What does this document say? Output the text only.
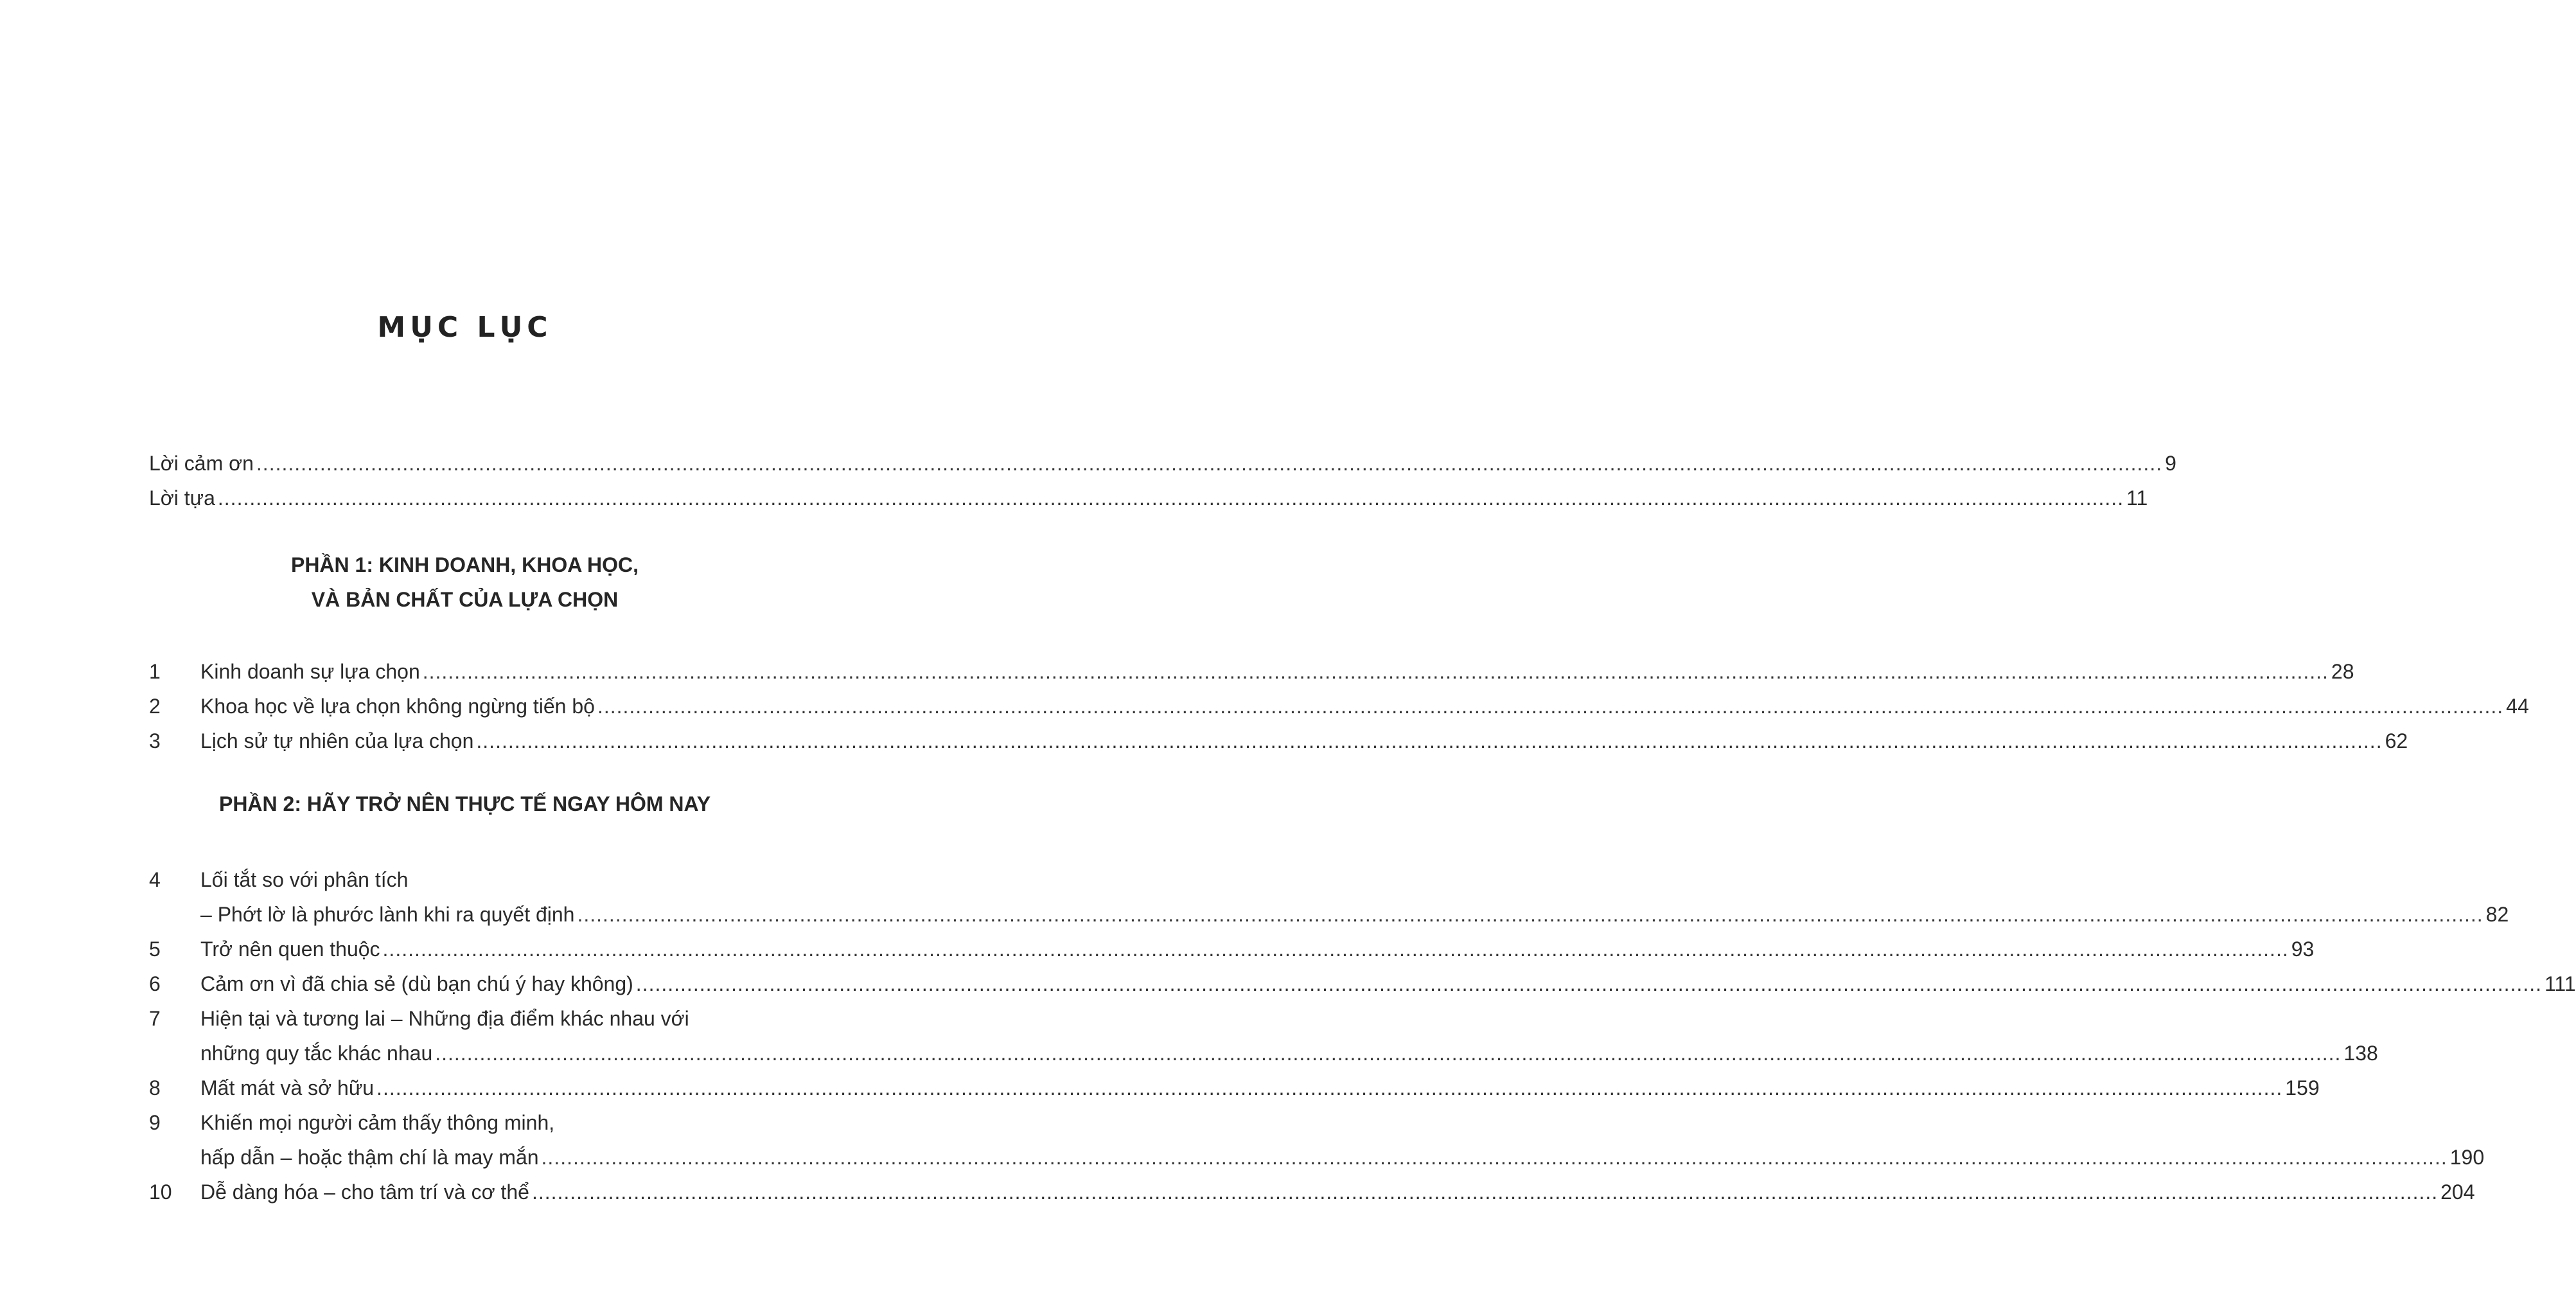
MỤC LỤC
Lời cảm ơn ............................................................................................................................................................................................................................................................................................................ 9
Lời tựa ............................................................................................................................................................................................................................................................................................................ 11
1 Kinh doanh sự lựa chọn ............................................................................................................................................................................................................................................................................................................ 28
2 Khoa học về lựa chọn không ngừng tiến bộ ............................................................................................................................................................................................................................................................................................................ 44
3 Lịch sử tự nhiên của lựa chọn ............................................................................................................................................................................................................................................................................................................ 62
4 Lối tắt so với phân tích
– Phớt lờ là phước lành khi ra quyết định ............................................................................................................................................................................................................................................................................................................ 82
5 Trở nên quen thuộc ............................................................................................................................................................................................................................................................................................................ 93
6 Cảm ơn vì đã chia sẻ (dù bạn chú ý hay không) ............................................................................................................................................................................................................................................................................................................ 111
7 Hiện tại và tương lai – Những địa điểm khác nhau với
những quy tắc khác nhau ............................................................................................................................................................................................................................................................................................................ 138
8 Mất mát và sở hữu ............................................................................................................................................................................................................................................................................................................ 159
9 Khiến mọi người cảm thấy thông minh,
hấp dẫn – hoặc thậm chí là may mắn ............................................................................................................................................................................................................................................................................................................ 190
10 Dễ dàng hóa – cho tâm trí và cơ thể ............................................................................................................................................................................................................................................................................................................ 204
PHẦN 1: KINH DOANH, KHOA HỌC,
VÀ BẢN CHẤT CỦA LỰA CHỌN
PHẦN 2: HÃY TRỞ NÊN THỰC TẾ NGAY HÔM NAY
